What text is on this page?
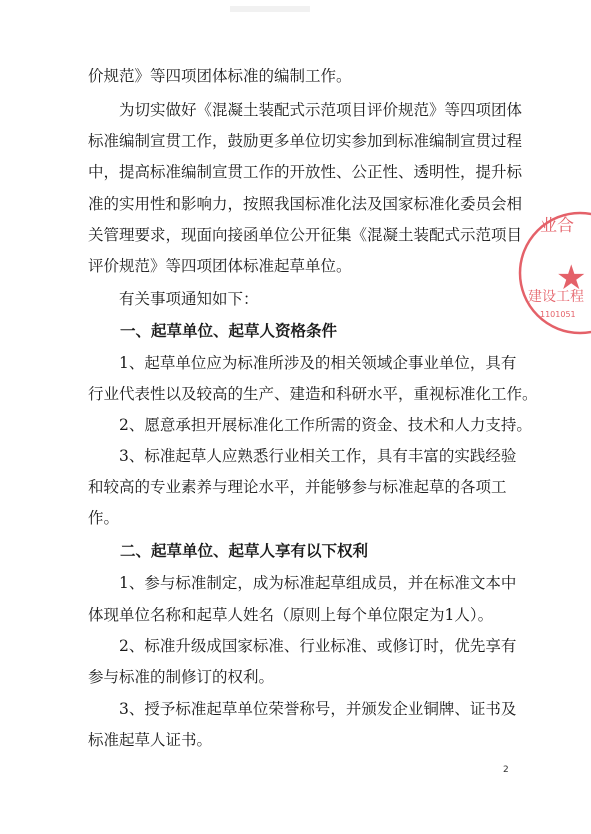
价规范》等四项团体标准的编制工作。
　　为切实做好《混凝土装配式示范项目评价规范》等四项团体
标准编制宣贯工作，鼓励更多单位切实参加到标准编制宣贯过程
中，提高标准编制宣贯工作的开放性、公正性、透明性，提升标
准的实用性和影响力，按照我国标准化法及国家标准化委员会相
关管理要求，现面向接函单位公开征集《混凝土装配式示范项目
评价规范》等四项团体标准起草单位。
　　有关事项通知如下：
一、起草单位、起草人资格条件
　　1、起草单位应为标准所涉及的相关领域企事业单位，具有
行业代表性以及较高的生产、建造和科研水平，重视标准化工作。
　　2、愿意承担开展标准化工作所需的资金、技术和人力支持。
　　3、标准起草人应熟悉行业相关工作，具有丰富的实践经验
和较高的专业素养与理论水平，并能够参与标准起草的各项工
作。
二、起草单位、起草人享有以下权利
　　1、参与标准制定，成为标准起草组成员，并在标准文本中
体现单位名称和起草人姓名（原则上每个单位限定为1人）。
　　2、标准升级成国家标准、行业标准、或修订时，优先享有
参与标准的制修订的权利。
　　3、授予标准起草单位荣誉称号，并颁发企业铜牌、证书及
标准起草人证书。
2
业合
★
建设工程
1101051
